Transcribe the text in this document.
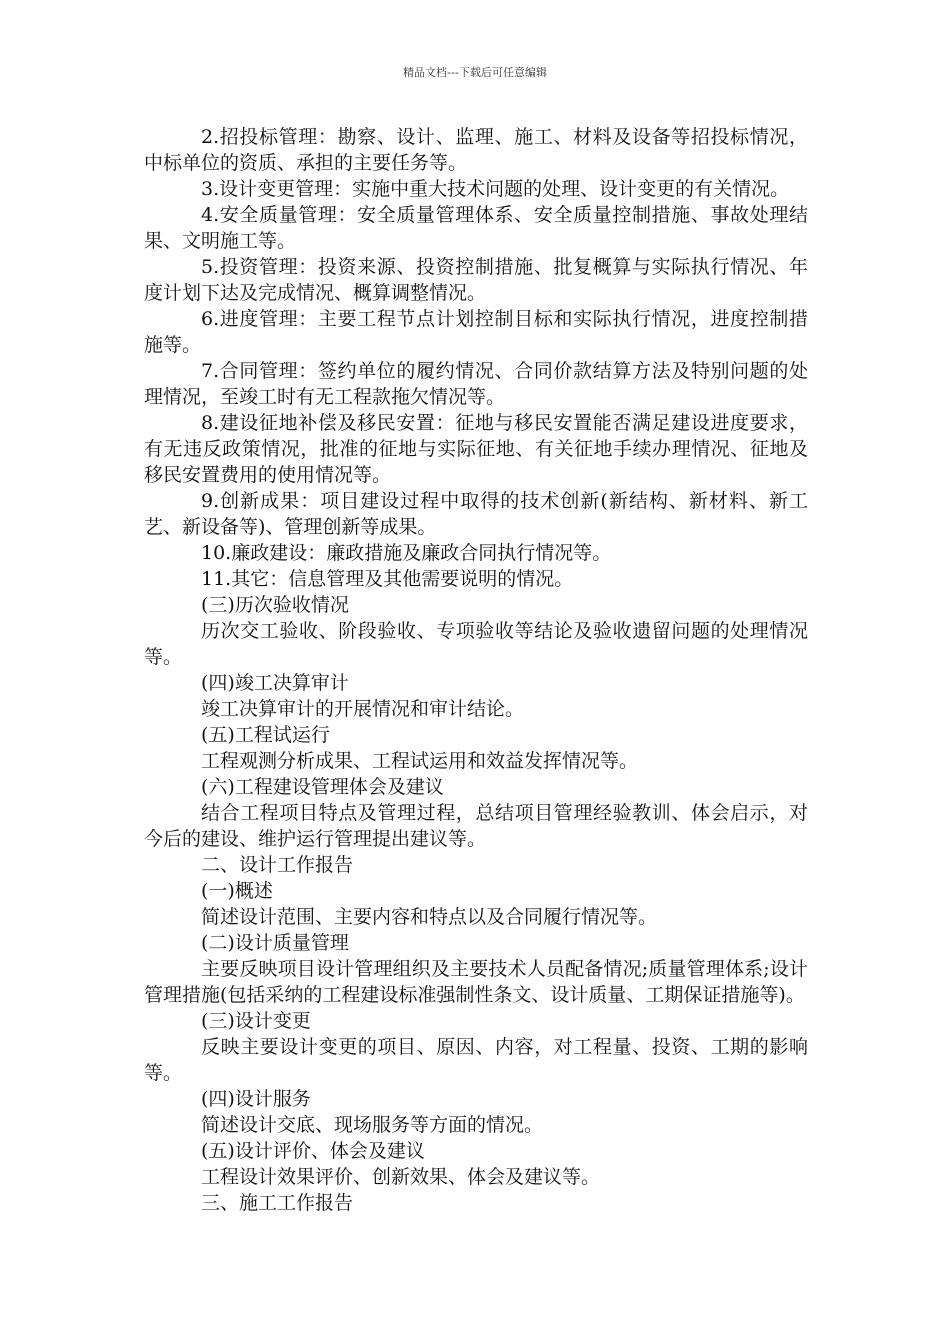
精品文档---下载后可任意编辑

2.招投标管理：勘察、设计、监理、施工、材料及设备等招投标情况，中标单位的资质、承担的主要任务等。

3.设计变更管理：实施中重大技术问题的处理、设计变更的有关情况。

4.安全质量管理：安全质量管理体系、安全质量控制措施、事故处理结果、文明施工等。

5.投资管理：投资来源、投资控制措施、批复概算与实际执行情况、年度计划下达及完成情况、概算调整情况。

6.进度管理：主要工程节点计划控制目标和实际执行情况，进度控制措施等。

7.合同管理：签约单位的履约情况、合同价款结算方法及特别问题的处理情况，至竣工时有无工程款拖欠情况等。

8.建设征地补偿及移民安置：征地与移民安置能否满足建设进度要求，有无违反政策情况，批准的征地与实际征地、有关征地手续办理情况、征地及移民安置费用的使用情况等。

9.创新成果：项目建设过程中取得的技术创新(新结构、新材料、新工艺、新设备等)、管理创新等成果。

10.廉政建设：廉政措施及廉政合同执行情况等。

11.其它：信息管理及其他需要说明的情况。

(三)历次验收情况

历次交工验收、阶段验收、专项验收等结论及验收遗留问题的处理情况等。

(四)竣工决算审计

竣工决算审计的开展情况和审计结论。

(五)工程试运行

工程观测分析成果、工程试运用和效益发挥情况等。

(六)工程建设管理体会及建议

结合工程项目特点及管理过程，总结项目管理经验教训、体会启示，对今后的建设、维护运行管理提出建议等。

二、设计工作报告

(一)概述

简述设计范围、主要内容和特点以及合同履行情况等。

(二)设计质量管理

主要反映项目设计管理组织及主要技术人员配备情况;质量管理体系;设计管理措施(包括采纳的工程建设标准强制性条文、设计质量、工期保证措施等)。

(三)设计变更

反映主要设计变更的项目、原因、内容，对工程量、投资、工期的影响等。

(四)设计服务

简述设计交底、现场服务等方面的情况。

(五)设计评价、体会及建议

工程设计效果评价、创新效果、体会及建议等。

三、施工工作报告
